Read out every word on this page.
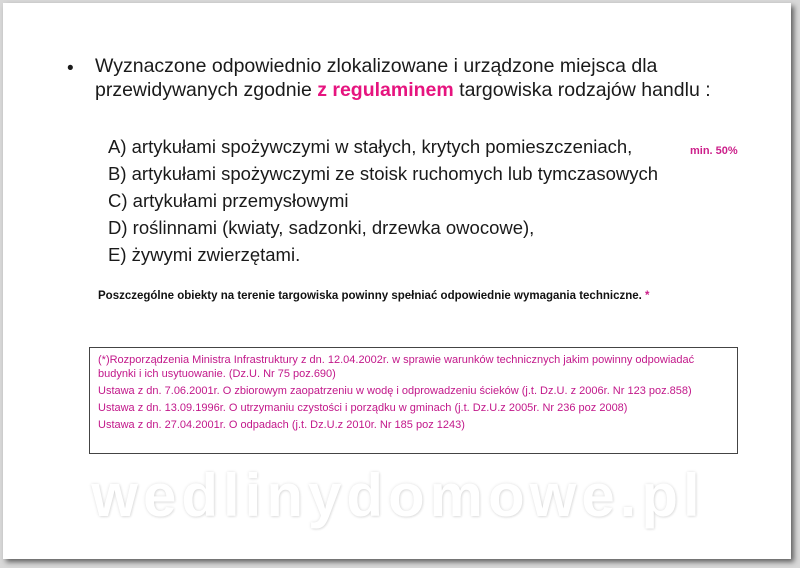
• Wyznaczone odpowiednio zlokalizowane i urządzone miejsca dla przewidywanych zgodnie z regulaminem targowiska rodzajów handlu :
A) artykułami spożywczymi w stałych, krytych pomieszczeniach,
B) artykułami spożywczymi ze stoisk ruchomych lub tymczasowych
C) artykułami przemysłowymi
D) roślinnami (kwiaty, sadzonki, drzewka owocowe),
E) żywymi zwierzętami.
min. 50%
Poszczególne obiekty na terenie targowiska powinny spełniać odpowiednie wymagania techniczne. *
(*)Rozporządzenia Ministra Infrastruktury z dn. 12.04.2002r. w sprawie warunków technicznych jakim powinny odpowiadać budynki i ich usytuowanie. (Dz.U. Nr 75 poz.690)
Ustawa z dn. 7.06.2001r. O zbiorowym zaopatrzeniu w wodę i odprowadzeniu ścieków (j.t. Dz.U. z 2006r. Nr 123 poz.858)
Ustawa z dn. 13.09.1996r. O utrzymaniu czystości i porządku w gminach (j.t. Dz.U.z 2005r. Nr 236 poz 2008)
Ustawa z dn. 27.04.2001r. O odpadach (j.t. Dz.U.z 2010r. Nr 185 poz 1243)
wedlinydomowe.pl
